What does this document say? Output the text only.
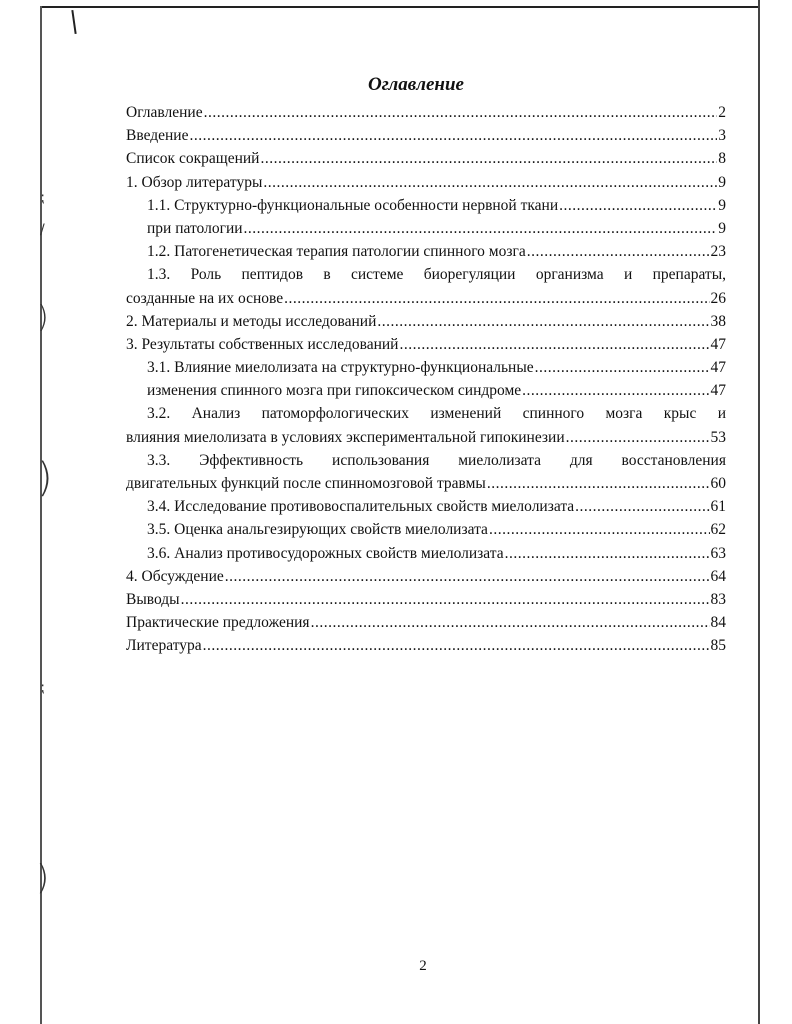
⁏
/
)
)
⁏
)
Оглавление
Оглавление .....	2
Введение .....	3
Список сокращений .....	8
1. Обзор литературы .....	9
1.1. Структурно-функциональные особенности нервной ткани .....	9
при патологии .....	9
1.2. Патогенетическая терапия патологии спинного мозга .....	23
1.3. Роль пептидов в системе биорегуляции организма и препараты,
созданные на их основе .....	26
2. Материалы и методы исследований .....	38
3. Результаты собственных исследований .....	47
3.1. Влияние миелолизата на структурно-функциональные .....	47
изменения спинного мозга при гипоксическом синдроме .....	47
3.2. Анализ патоморфологических изменений спинного мозга крыс и
влияния миелолизата в условиях экспериментальной гипокинезии .....	53
3.3. Эффективность использования миелолизата для восстановления
двигательных функций после спинномозговой травмы .....	60
3.4. Исследование противовоспалительных свойств миелолизата .....	61
3.5. Оценка анальгезирующих свойств миелолизата .....	62
3.6. Анализ противосудорожных свойств миелолизата .....	63
4. Обсуждение .....	64
Выводы .....	83
Практические предложения .....	84
Литература .....	85
2
